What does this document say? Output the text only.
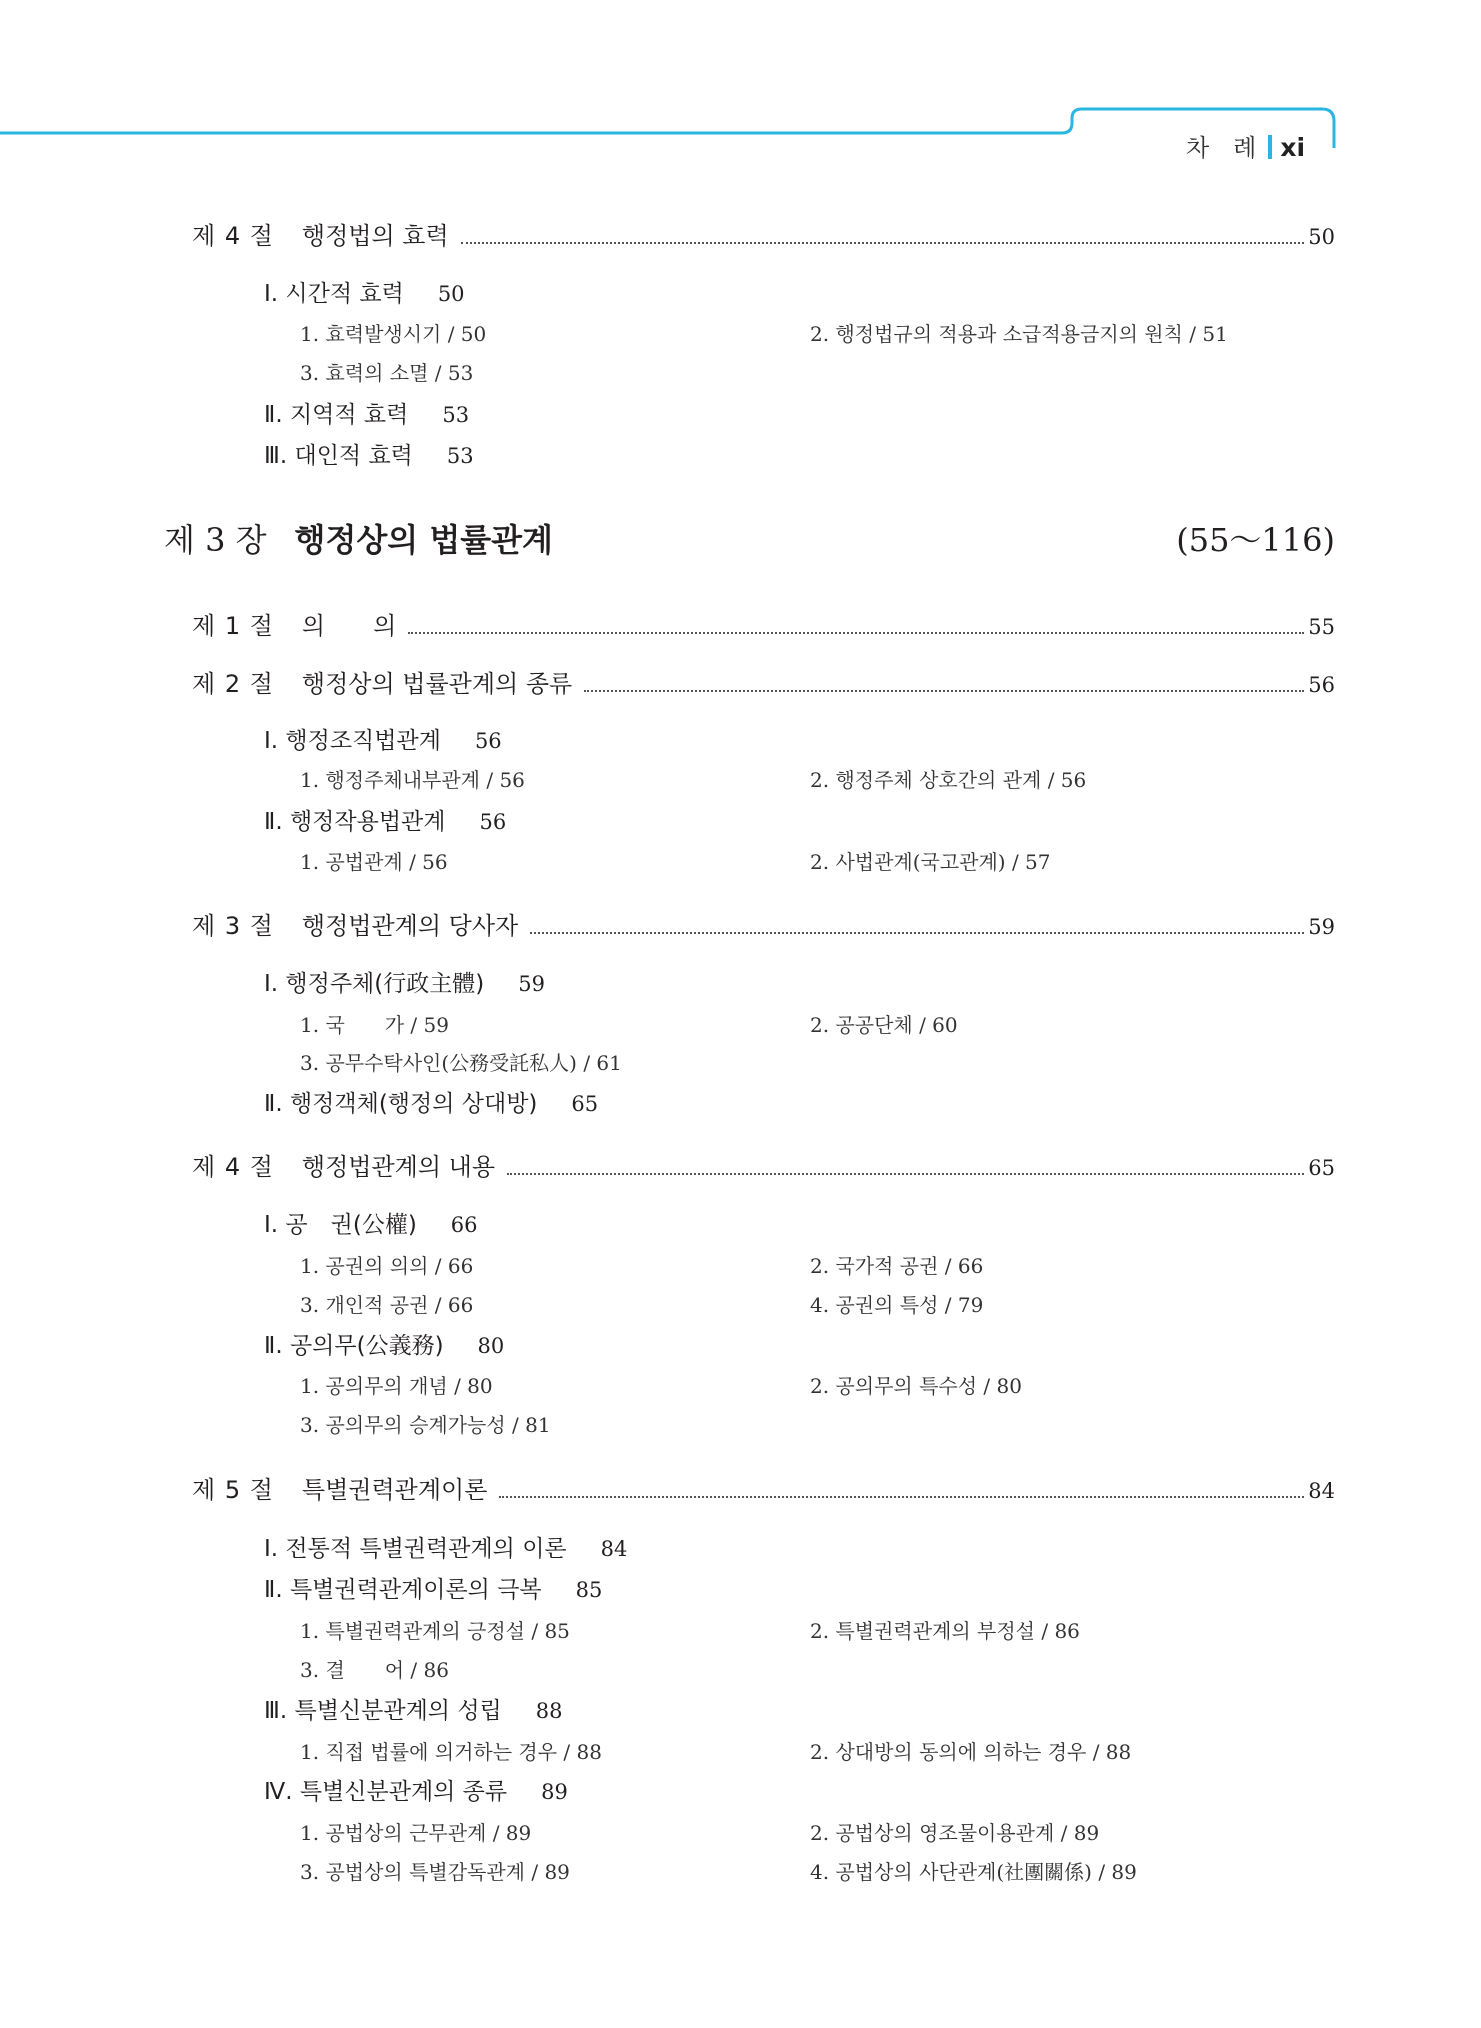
차　례 xi
제 4 절 행정법의 효력	50
Ⅰ. 시간적 효력 50
1. 효력발생시기 / 50	2. 행정법규의 적용과 소급적용금지의 원칙 / 51
3. 효력의 소멸 / 53
Ⅱ. 지역적 효력 53
Ⅲ. 대인적 효력 53
제 3 장 행정상의 법률관계	(55～116)
제 1 절 의　　의	55
제 2 절 행정상의 법률관계의 종류	56
Ⅰ. 행정조직법관계 56
1. 행정주체내부관계 / 56	2. 행정주체 상호간의 관계 / 56
Ⅱ. 행정작용법관계 56
1. 공법관계 / 56	2. 사법관계(국고관계) / 57
제 3 절 행정법관계의 당사자	59
Ⅰ. 행정주체(行政主體) 59
1. 국　　가 / 59	2. 공공단체 / 60
3. 공무수탁사인(公務受託私人) / 61
Ⅱ. 행정객체(행정의 상대방) 65
제 4 절 행정법관계의 내용	65
Ⅰ. 공　권(公權) 66
1. 공권의 의의 / 66	2. 국가적 공권 / 66
3. 개인적 공권 / 66	4. 공권의 특성 / 79
Ⅱ. 공의무(公義務) 80
1. 공의무의 개념 / 80	2. 공의무의 특수성 / 80
3. 공의무의 승계가능성 / 81
제 5 절 특별권력관계이론	84
Ⅰ. 전통적 특별권력관계의 이론 84
Ⅱ. 특별권력관계이론의 극복 85
1. 특별권력관계의 긍정설 / 85	2. 특별권력관계의 부정설 / 86
3. 결　　어 / 86
Ⅲ. 특별신분관계의 성립 88
1. 직접 법률에 의거하는 경우 / 88	2. 상대방의 동의에 의하는 경우 / 88
Ⅳ. 특별신분관계의 종류 89
1. 공법상의 근무관계 / 89	2. 공법상의 영조물이용관계 / 89
3. 공법상의 특별감독관계 / 89	4. 공법상의 사단관계(社團關係) / 89
